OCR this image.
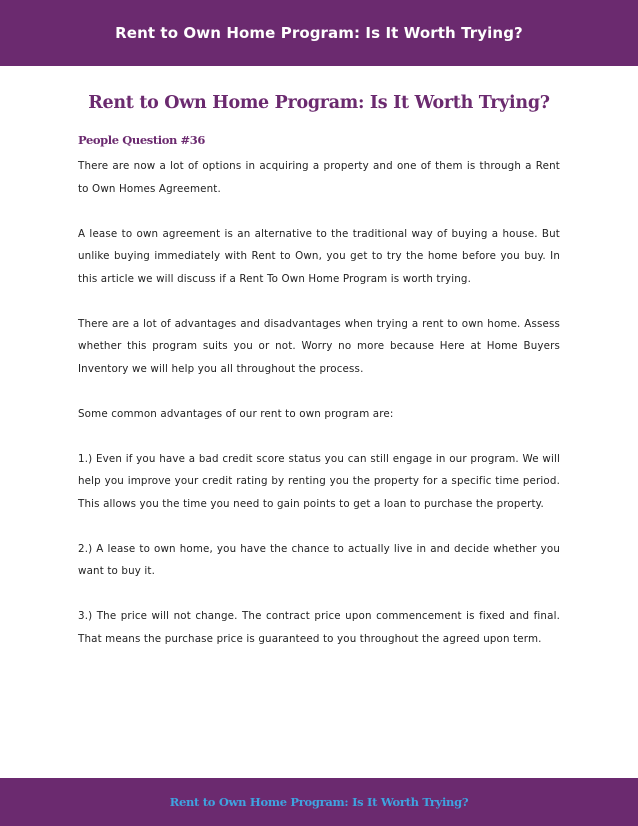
Rent to Own Home Program: Is It Worth Trying?
Rent to Own Home Program: Is It Worth Trying?
People Question #36

There are now a lot of options in acquiring a property and one of them is through a Rent to Own Homes Agreement.

A lease to own agreement is an alternative to the traditional way of buying a house. But unlike buying immediately with Rent to Own, you get to try the home before you buy. In this article we will discuss if a Rent To Own Home Program is worth trying.

There are a lot of advantages and disadvantages when trying a rent to own home. Assess whether this program suits you or not. Worry no more because Here at Home Buyers Inventory we will help you all throughout the process.

Some common advantages of our rent to own program are:

1.) Even if you have a bad credit score status you can still engage in our program. We will help you improve your credit rating by renting you the property for a specific time period. This allows you the time you need to gain points to get a loan to purchase the property.

2.) A lease to own home, you have the chance to actually live in and decide whether you want to buy it.

3.) The price will not change. The contract price upon commencement is fixed and final. That means the purchase price is guaranteed to you throughout the agreed upon term.

Rent to Own Home Program: Is It Worth Trying?
